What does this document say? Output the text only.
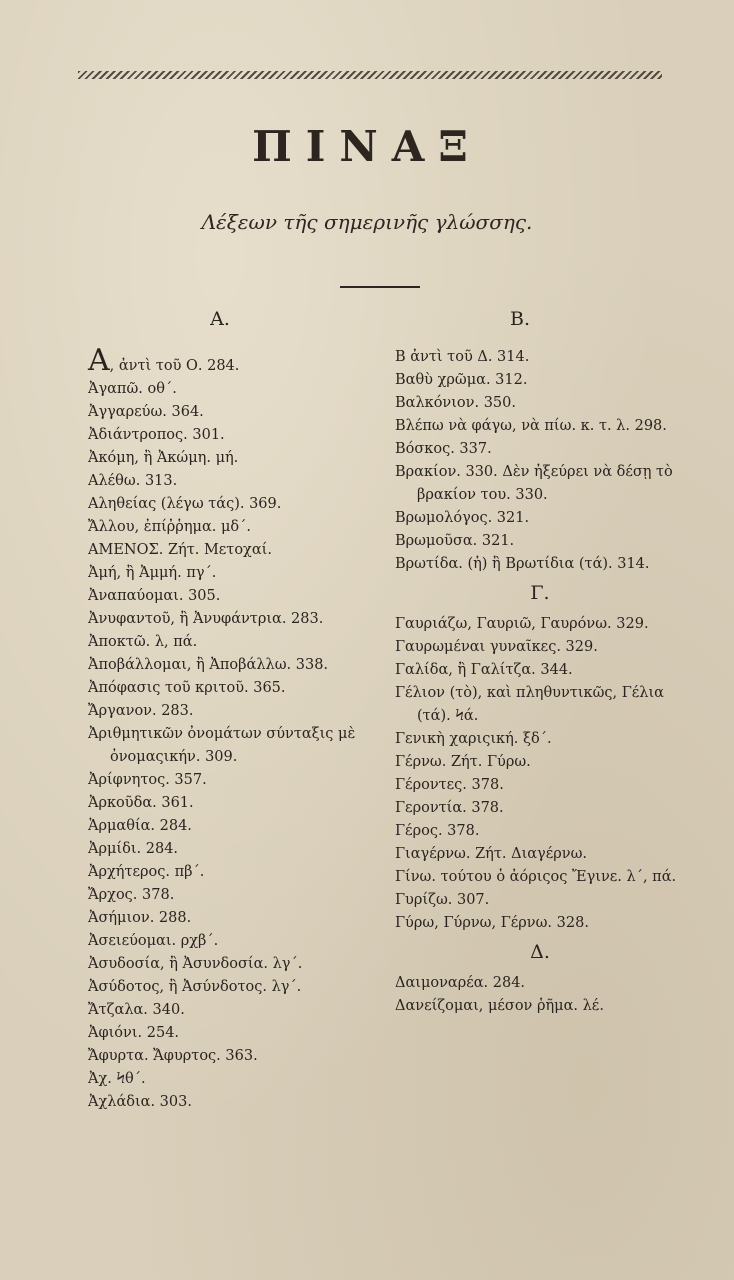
ΠΙΝΑΞ
Λέξεων τῆς σημερινῆς γλώσσης.
Α.
Α, ἀντὶ τοῦ Ο. 284.
Ἀγαπῶ. οθ΄.
Ἀγγαρεύω. 364.
Ἀδιάντροπος. 301.
Ἀκόμη, ἢ Ἀκώμη. μή.
Αλέθω. 313.
Αληθείας (λέγω τάς). 369.
Ἄλλου, ἐπίῤῥημα. μδ΄.
ΑΜΕΝΟΣ. Ζήτ. Μετοχαί.
Ἀμή, ἢ Ἀμμή. πγ΄.
Ἀναπαύομαι. 305.
Ἀνυφαντοῦ, ἢ Ἀνυφάντρια. 283.
Ἀποκτῶ. λ, πά.
Ἀποβάλλομαι, ἢ Ἀποβάλλω. 338.
Ἀπόφασις τοῦ κριτοῦ. 365.
Ἄργανον. 283.
Ἀριθμητικῶν ὀνομάτων σύνταξις μὲ ὀνομαςικήν. 309.
Ἀρίφνητος. 357.
Ἀρκοῦδα. 361.
Ἁρμαθία. 284.
Ἀρμίδι. 284.
Ἀρχήτερος. πβ΄.
Ἄρχος. 378.
Ἀσήμιον. 288.
Ἀσειεύομαι. ρχβ΄.
Ἀσυδοσία, ἢ Ἀσυνδοσία. λγ΄.
Ἀσύδοτος, ἢ Ἀσύνδοτος. λγ΄.
Ἄτζαλα. 340.
Ἀφιόνι. 254.
Ἄφυρτα. Ἄφυρτος. 363.
Ἀχ. Ϟθ΄.
Ἀχλάδια. 303.
Β.
Β ἀντὶ τοῦ Δ. 314.
Βαθὺ χρῶμα. 312.
Βαλκόνιον. 350.
Βλέπω νὰ φάγω, νὰ πίω. κ. τ. λ. 298.
Βόσκος. 337.
Βρακίον. 330. Δὲν ἠξεύρει νὰ δέσῃ τὸ βρακίον του. 330.
Βρωμολόγος. 321.
Βρωμοῦσα. 321.
Βρωτίδα. (ἡ) ἢ Βρωτίδια (τά). 314.
Γ.
Γαυριάζω, Γαυριῶ, Γαυρόνω. 329.
Γαυρωμέναι γυναῖκες. 329.
Γαλίδα, ἢ Γαλίτζα. 344.
Γέλιον (τὸ), καὶ πληθυντικῶς, Γέλια (τά). Ϟά.
Γενικὴ χαριςική. ξδ΄.
Γέρνω. Ζήτ. Γύρω.
Γέροντες. 378.
Γεροντία. 378.
Γέρος. 378.
Γιαγέρνω. Ζήτ. Διαγέρνω.
Γίνω. τούτου ὁ ἀόριςος Ἔγινε. λ΄, πά.
Γυρίζω. 307.
Γύρω, Γύρνω, Γέρνω. 328.
Δ.
Δαιμοναρέα. 284.
Δανείζομαι, μέσον ῥῆμα. λέ.
